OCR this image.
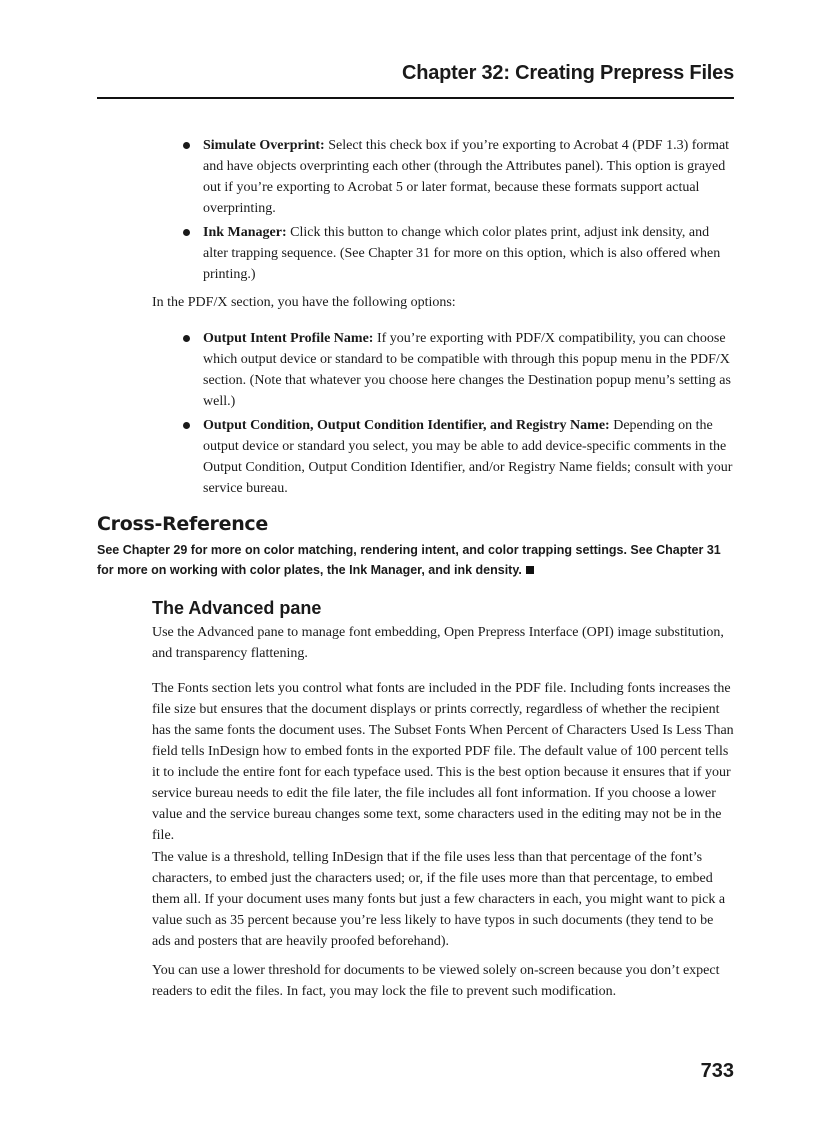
Chapter 32: Creating Prepress Files
Simulate Overprint: Select this check box if you’re exporting to Acrobat 4 (PDF 1.3) format and have objects overprinting each other (through the Attributes panel). This option is grayed out if you’re exporting to Acrobat 5 or later format, because these formats support actual overprinting.
Ink Manager: Click this button to change which color plates print, adjust ink density, and alter trapping sequence. (See Chapter 31 for more on this option, which is also offered when printing.)

In the PDF/X section, you have the following options:

Output Intent Profile Name: If you’re exporting with PDF/X compatibility, you can choose which output device or standard to be compatible with through this popup menu in the PDF/X section. (Note that whatever you choose here changes the Destination popup menu’s setting as well.)
Output Condition, Output Condition Identifier, and Registry Name: Depending on the output device or standard you select, you may be able to add device-specific comments in the Output Condition, Output Condition Identifier, and/or Registry Name fields; consult with your service bureau.
Cross-Reference

See Chapter 29 for more on color matching, rendering intent, and color trapping settings. See Chapter 31 for more on working with color plates, the Ink Manager, and ink density.

The Advanced pane

Use the Advanced pane to manage font embedding, Open Prepress Interface (OPI) image substitution, and transparency flattening.

The Fonts section lets you control what fonts are included in the PDF file. Including fonts increases the file size but ensures that the document displays or prints correctly, regardless of whether the recipient has the same fonts the document uses. The Subset Fonts When Percent of Characters Used Is Less Than field tells InDesign how to embed fonts in the exported PDF file. The default value of 100 percent tells it to include the entire font for each typeface used. This is the best option because it ensures that if your service bureau needs to edit the file later, the file includes all font information. If you choose a lower value and the service bureau changes some text, some characters used in the editing may not be in the file.

The value is a threshold, telling InDesign that if the file uses less than that percentage of the font’s characters, to embed just the characters used; or, if the file uses more than that percentage, to embed them all. If your document uses many fonts but just a few characters in each, you might want to pick a value such as 35 percent because you’re less likely to have typos in such documents (they tend to be ads and posters that are heavily proofed beforehand).

You can use a lower threshold for documents to be viewed solely on-screen because you don’t expect readers to edit the files. In fact, you may lock the file to prevent such modification.

733
